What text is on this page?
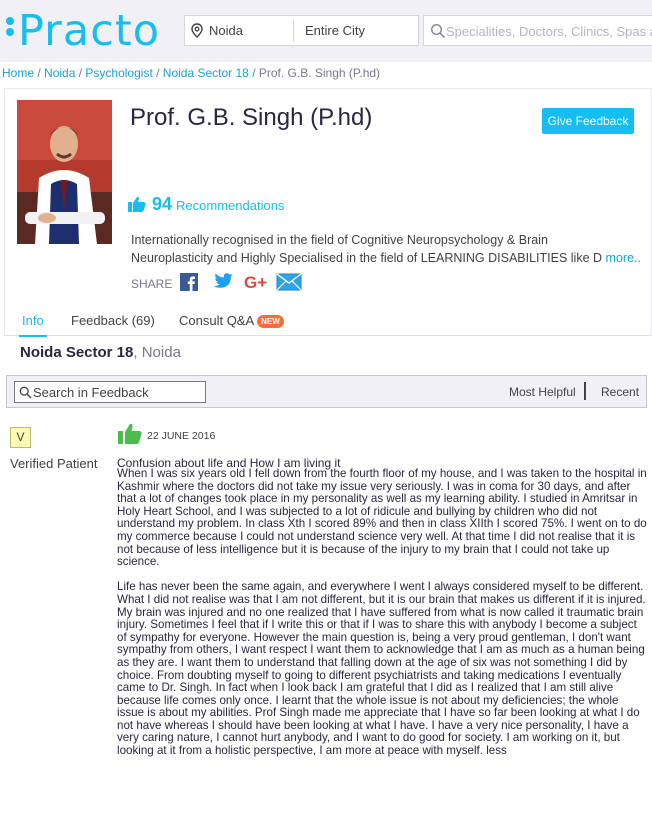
Practo	Noida	Entire City
Specialities, Doctors, Clinics, Spas and
Home / Noida / Psychologist / Noida Sector 18 / Prof. G.B. Singh (P.hd)
Prof. G.B. Singh (P.hd)	Give Feedback
94 Recommendations
Internationally recognised in the field of Cognitive Neuropsychology & Brain
Neuroplasticity and Highly Specialised in the field of LEARNING DISABILITIES like D more..
SHARE	G+
Info Feedback (69) Consult Q&A NEW
Noida Sector 18, Noida
Search in Feedback
Most Helpful Recent
V
Verified Patient
22 JUNE 2016
Confusion about life and How I am living it

When I was six years old I fell down from the fourth floor of my house, and I was taken to the hospital in Kashmir where the doctors did not take my issue very seriously. I was in coma for 30 days, and after that a lot of changes took place in my personality as well as my learning ability. I studied in Amritsar in Holy Heart School, and I was subjected to a lot of ridicule and bullying by children who did not understand my problem. In class Xth I scored 89% and then in class XIIth I scored 75%. I went on to do my commerce because I could not understand science very well. At that time I did not realise that it is not because of less intelligence but it is because of the injury to my brain that I could not take up science.

Life has never been the same again, and everywhere I went I always considered myself to be different. What I did not realise was that I am not different, but it is our brain that makes us different if it is injured. My brain was injured and no one realized that I have suffered from what is now called it traumatic brain injury. Sometimes I feel that if I write this or that if I was to share this with anybody I become a subject of sympathy for everyone. However the main question is, being a very proud gentleman, I don't want sympathy from others, I want respect I want them to acknowledge that I am as much as a human being as they are. I want them to understand that falling down at the age of six was not something I did by choice. From doubting myself to going to different psychiatrists and taking medications I eventually came to Dr. Singh. In fact when I look back I am grateful that I did as I realized that I am still alive because life comes only once. I learnt that the whole issue is not about my deficiencies; the whole issue is about my abilities. Prof Singh made me appreciate that I have so far been looking at what I do not have whereas I should have been looking at what I have. I have a very nice personality, I have a very caring nature, I cannot hurt anybody, and I want to do good for society. I am working on it, but looking at it from a holistic perspective, I am more at peace with myself. less
